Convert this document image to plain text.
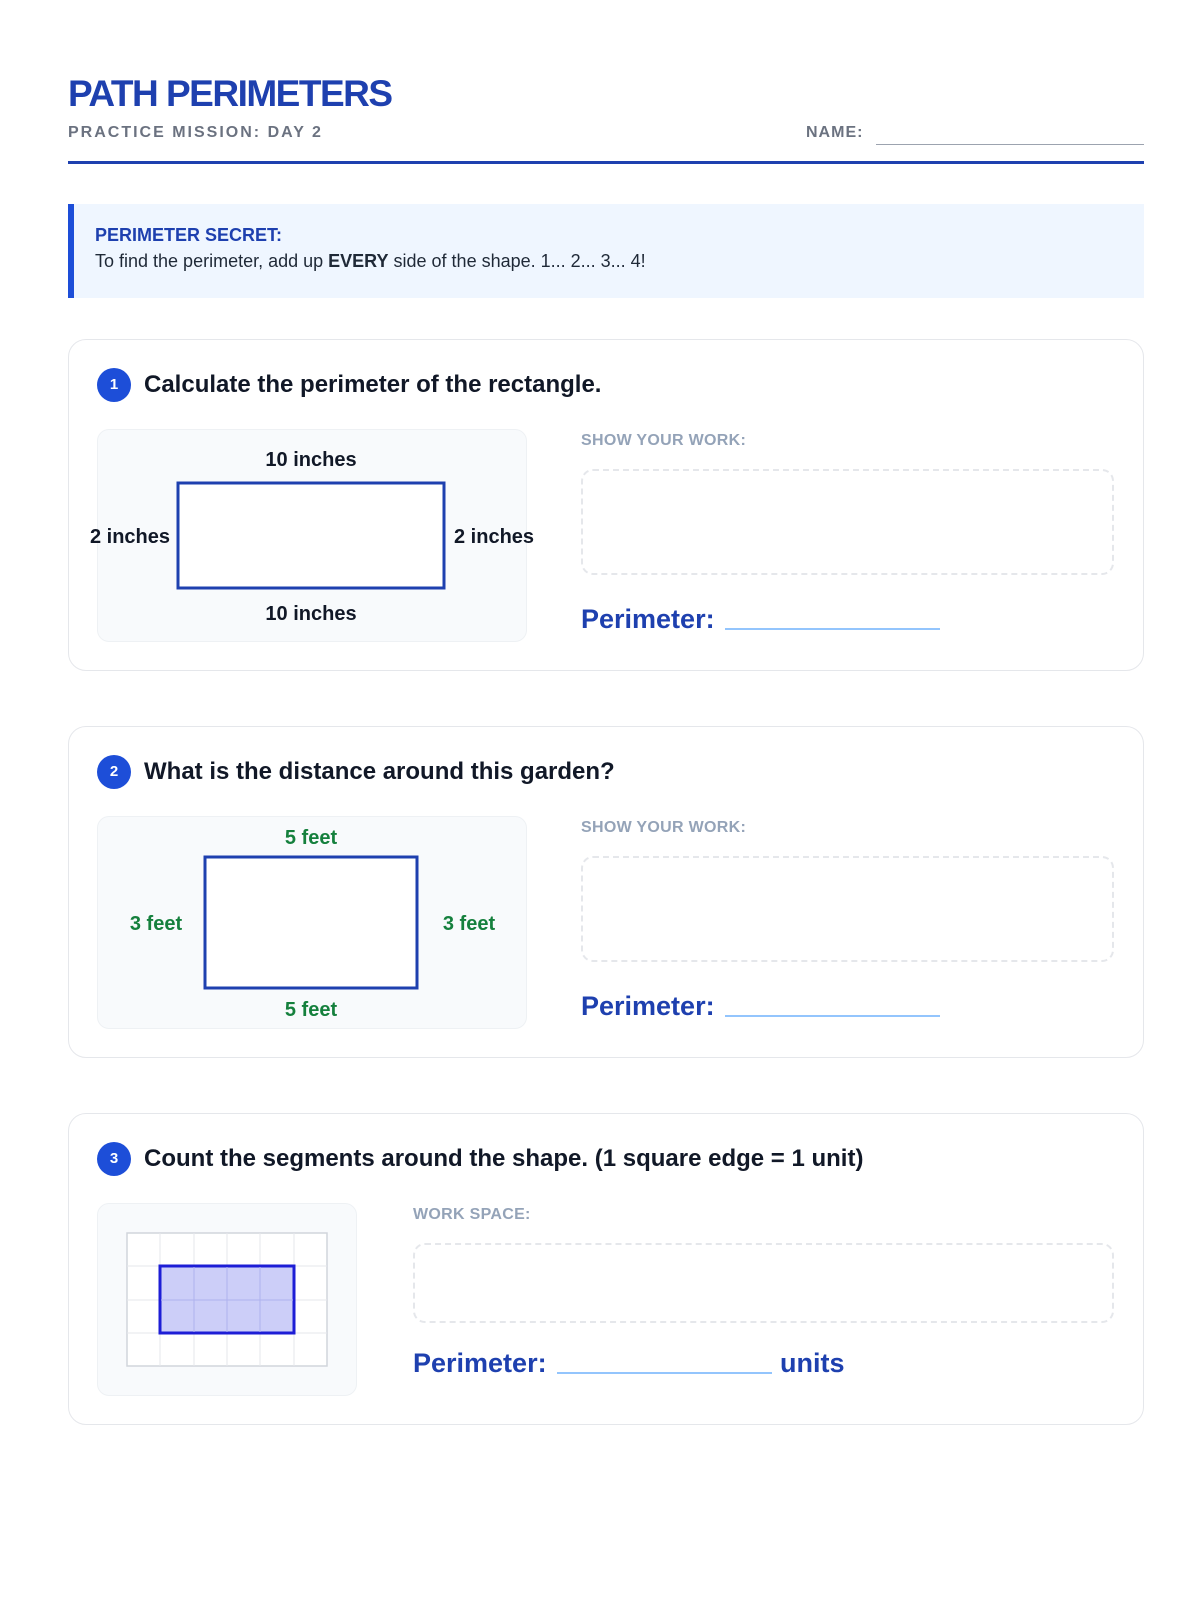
PATH PERIMETERS
PRACTICE MISSION: DAY 2	NAME:
PERIMETER SECRET:
To find the perimeter, add up EVERY side of the shape. 1... 2... 3... 4!
1	Calculate the perimeter of the rectangle.
10 inches
10 inches
2 inches	2 inches
SHOW YOUR WORK:
Perimeter:
2	What is the distance around this garden?
5 feet
5 feet
3 feet	3 feet
SHOW YOUR WORK:
Perimeter:
3	Count the segments around the shape. (1 square edge = 1 unit)
WORK SPACE:
Perimeter:	units
